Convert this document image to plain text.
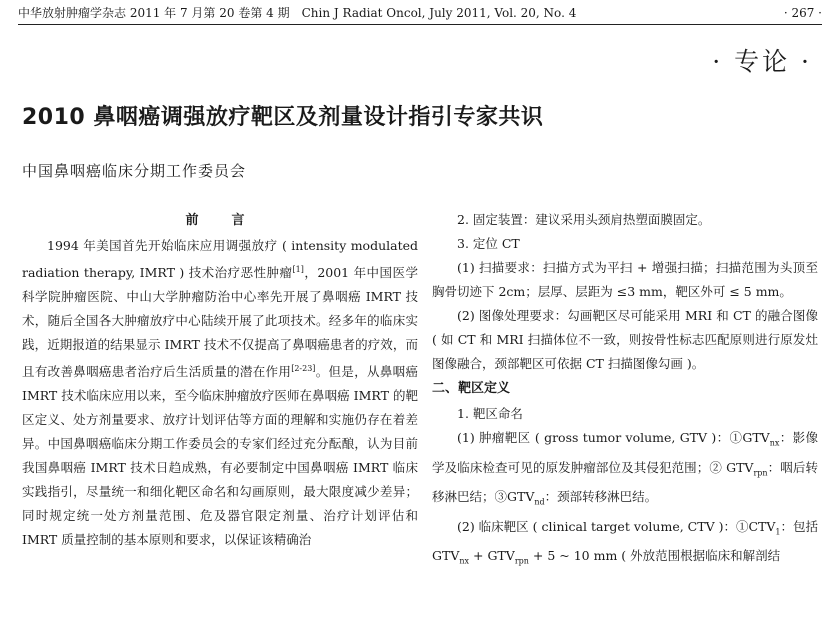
中华放射肿瘤学杂志 2011 年 7 月第 20 卷第 4 期　Chin J Radiat Oncol, July 2011, Vol. 20, No. 4	· 267 ·
· 专论 ·
2010 鼻咽癌调强放疗靶区及剂量设计指引专家共识
中国鼻咽癌临床分期工作委员会
前　言

1994 年美国首先开始临床应用调强放疗 ( intensity modulated radiation therapy, IMRT ) 技术治疗恶性肿瘤[1]，2001 年中国医学科学院肿瘤医院、中山大学肿瘤防治中心率先开展了鼻咽癌 IMRT 技术，随后全国各大肿瘤放疗中心陆续开展了此项技术。经多年的临床实践，近期报道的结果显示 IMRT 技术不仅提高了鼻咽癌患者的疗效，而且有改善鼻咽癌患者治疗后生活质量的潜在作用[2-23]。但是，从鼻咽癌 IMRT 技术临床应用以来，至今临床肿瘤放疗医师在鼻咽癌 IMRT 的靶区定义、处方剂量要求、放疗计划评估等方面的理解和实施仍存在着差异。中国鼻咽癌临床分期工作委员会的专家们经过充分酝酿，认为目前我国鼻咽癌 IMRT 技术日趋成熟，有必要制定中国鼻咽癌 IMRT 临床实践指引，尽量统一和细化靶区命名和勾画原则，最大限度减少差异；同时规定统一处方剂量范围、危及器官限定剂量、治疗计划评估和 IMRT 质量控制的基本原则和要求，以保证该精确治

2. 固定装置：建议采用头颈肩热塑面膜固定。

3. 定位 CT

(1) 扫描要求：扫描方式为平扫 + 增强扫描；扫描范围为头顶至胸骨切迹下 2cm；层厚、层距为 ≤3 mm，靶区外可 ≤ 5 mm。

(2) 图像处理要求：勾画靶区尽可能采用 MRI 和 CT 的融合图像 ( 如 CT 和 MRI 扫描体位不一致，则按骨性标志匹配原则进行原发灶图像融合，颈部靶区可依据 CT 扫描图像勾画 )。

二、靶区定义

1. 靶区命名

(1) 肿瘤靶区 ( gross tumor volume, GTV )：$①GTV_{nx}$：影像学及临床检查可见的原发肿瘤部位及其侵犯范围；② $GTV_{rpn}$：咽后转移淋巴结；$③GTV_{nd}$：颈部转移淋巴结。

(2) 临床靶区 ( clinical target volume, CTV )：$①CTV_1$：包括$GTV_{nx} + GTV_{rpn} + 5$ ~ 10 mm ( 外放范围根据临床和解剖结
